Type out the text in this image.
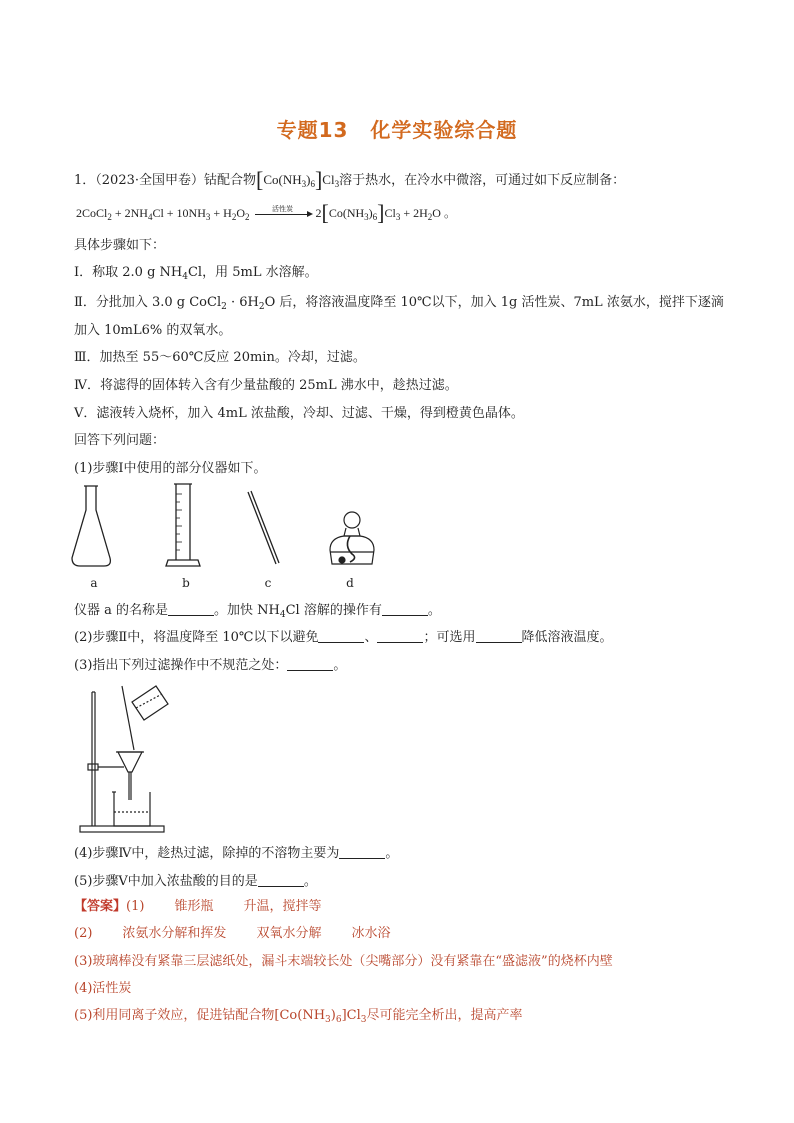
专题13 化学实验综合题
1．（2023·全国甲卷）钴配合物$[Co(NH_3)_6]Cl_3$溶于热水，在冷水中微溶，可通过如下反应制备：
2CoCl$_2$ + $2NH_4Cl + 10NH_3 + H_2O_2$
活性炭	$2[Co(NH_3)_6]Cl_3 + 2H_2O$ 。
具体步骤如下：
Ⅰ．称取 2.0 g $NH_4Cl$，用 5mL 水溶解。
Ⅱ．分批加入 3.0 g CoCl$_2$ · $6H_2O$ 后，将溶液温度降至 10℃以下，加入 1g 活性炭、7mL 浓氨水，搅拌下逐滴
加入 10mL6% 的双氧水。
Ⅲ．加热至 55～60℃反应 20min。冷却，过滤。
Ⅳ．将滤得的固体转入含有少量盐酸的 25mL 沸水中，趁热过滤。
Ⅴ．滤液转入烧杯，加入 4mL 浓盐酸，冷却、过滤、干燥，得到橙黄色晶体。
回答下列问题：
(1)步骤Ⅰ中使用的部分仪器如下。
a	b	c	d
仪器 a 的名称是	。加快 $NH_4Cl$ 溶解的操作有	。
(2)步骤Ⅱ中，将温度降至 10℃以下以避免	、	；可选用	降低溶液温度。
(3)指出下列过滤操作中不规范之处：	。
(4)步骤Ⅳ中，趁热过滤，除掉的不溶物主要为	。
(5)步骤Ⅴ中加入浓盐酸的目的是	。
【答案】(1) 锥形瓶 升温，搅拌等
(2) 浓氨水分解和挥发 双氧水分解 冰水浴
(3)玻璃棒没有紧靠三层滤纸处，漏斗末端较长处（尖嘴部分）没有紧靠在“盛滤液”的烧杯内壁
(4)活性炭
(5)利用同离子效应，促进钴配合物$[Co(NH_3)_6]Cl_3$尽可能完全析出，提高产率
